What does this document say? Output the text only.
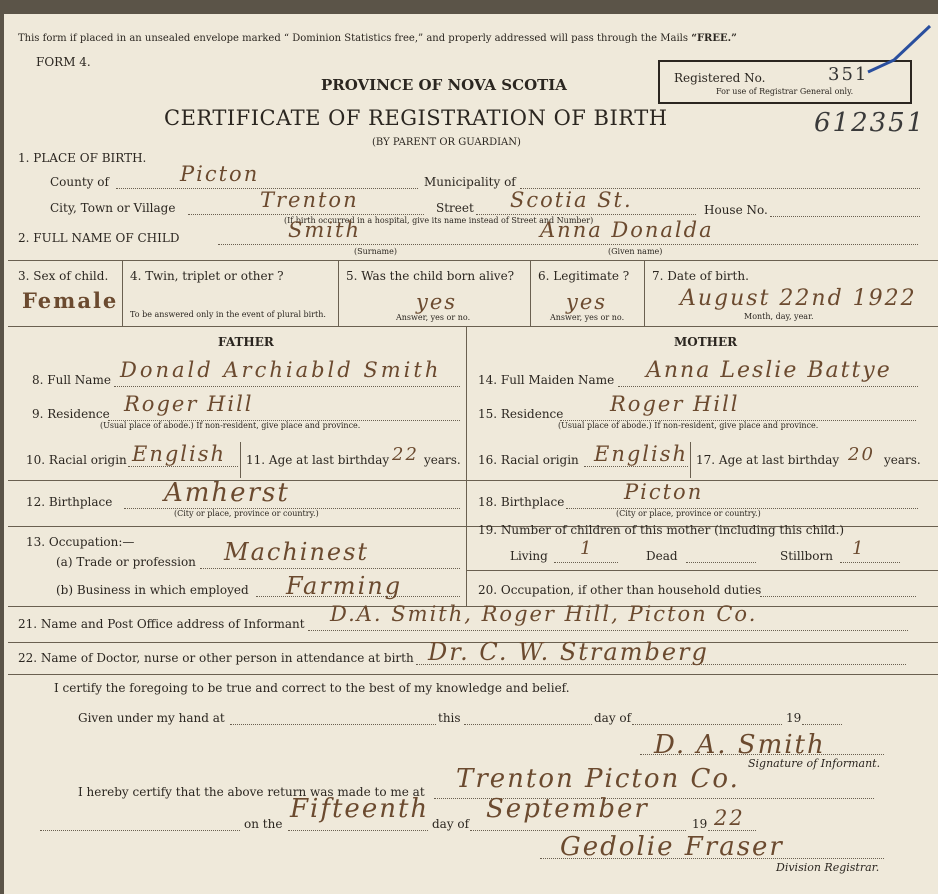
This form if placed in an unsealed envelope marked “ Dominion Statistics free,” and properly addressed will pass through the Mails “FREE.”
FORM 4.
PROVINCE OF NOVA SCOTIA
CERTIFICATE OF REGISTRATION OF BIRTH
(BY PARENT OR GUARDIAN)
Registered No.	351
For use of Registrar General only.
612351
1. PLACE OF BIRTH.
County of	Picton	Municipality of
City, Town or Village	Trenton	Street Scotia St.	House No.
(If birth occurred in a hospital, give its name instead of Street and Number)
2. FULL NAME OF CHILD	Smith	Anna Donalda
(Surname)	(Given name)
3. Sex of child.
Female
4. Twin, triplet or other ?
To be answered only in the event of plural birth.
5. Was the child born alive?
yes
Answer, yes or no.
6. Legitimate ?
yes
Answer, yes or no.
7. Date of birth.
August 22nd 1922
Month, day, year.
FATHER	MOTHER
8. Full Name Donald Archiabld Smith
9. Residence Roger Hill
(Usual place of abode.) If non-resident, give place and province.
10. Racial origin English 11. Age at last birthday 22 years.
12. Birthplace Amherst
(City or place, province or country.)
13. Occupation:—
(a) Trade or profession Machinest
(b) Business in which employed Farming
14. Full Maiden Name Anna Leslie Battye
15. Residence Roger Hill
(Usual place of abode.) If non-resident, give place and province.
16. Racial origin English 17. Age at last birthday 20 years.
18. Birthplace	Picton
(City or place, province or country.)
19. Number of children of this mother (including this child.)
Living 1	Dead	Stillborn 1
20. Occupation, if other than household duties
21. Name and Post Office address of Informant D.A. Smith, Roger Hill, Picton Co.
22. Name of Doctor, nurse or other person in attendance at birth Dr. C. W. Stramberg
I certify the foregoing to be true and correct to the best of my knowledge and belief.
Given under my hand at	this	day of	19
D. A. Smith
Signature of Informant.
I hereby certify that the above return was made to me at Trenton Picton Co.
on the Fifteenth day of September	19 22
Gedolie Fraser
Division Registrar.
